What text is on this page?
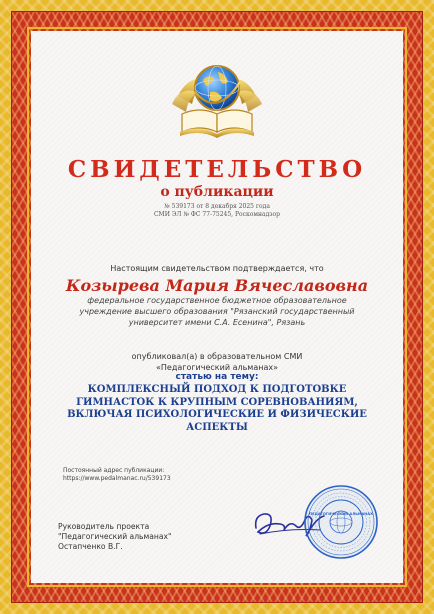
СВИДЕТЕЛЬСТВО
о публикации
№ 539173 от 8 декабря 2025 года
СМИ ЭЛ № ФС 77-75245, Роскомнадзор
Настоящим свидетельством подтверждается, что
Козырева Мария Вячеславовна
федеральное государственное бюджетное образовательное учреждение высшего образования "Рязанский государственный университет имени С.А. Есенина", Рязань
опубликовал(а) в образовательном СМИ
«Педагогический альманах»
статью на тему:
КОМПЛЕКСНЫЙ ПОДХОД К ПОДГОТОВКЕ ГИМНАСТОК К КРУПНЫМ СОРЕВНОВАНИЯМ, ВКЛЮЧАЯ ПСИХОЛОГИЧЕСКИЕ И ФИЗИЧЕСКИЕ АСПЕКТЫ
Постоянный адрес публикации:
https://www.pedalmanac.ru/539173
Руководитель проекта
"Педагогический альманах"
Остапченко В.Г.
ПЕДАГОГИЧЕСКИЙ АЛЬМАНАХ
